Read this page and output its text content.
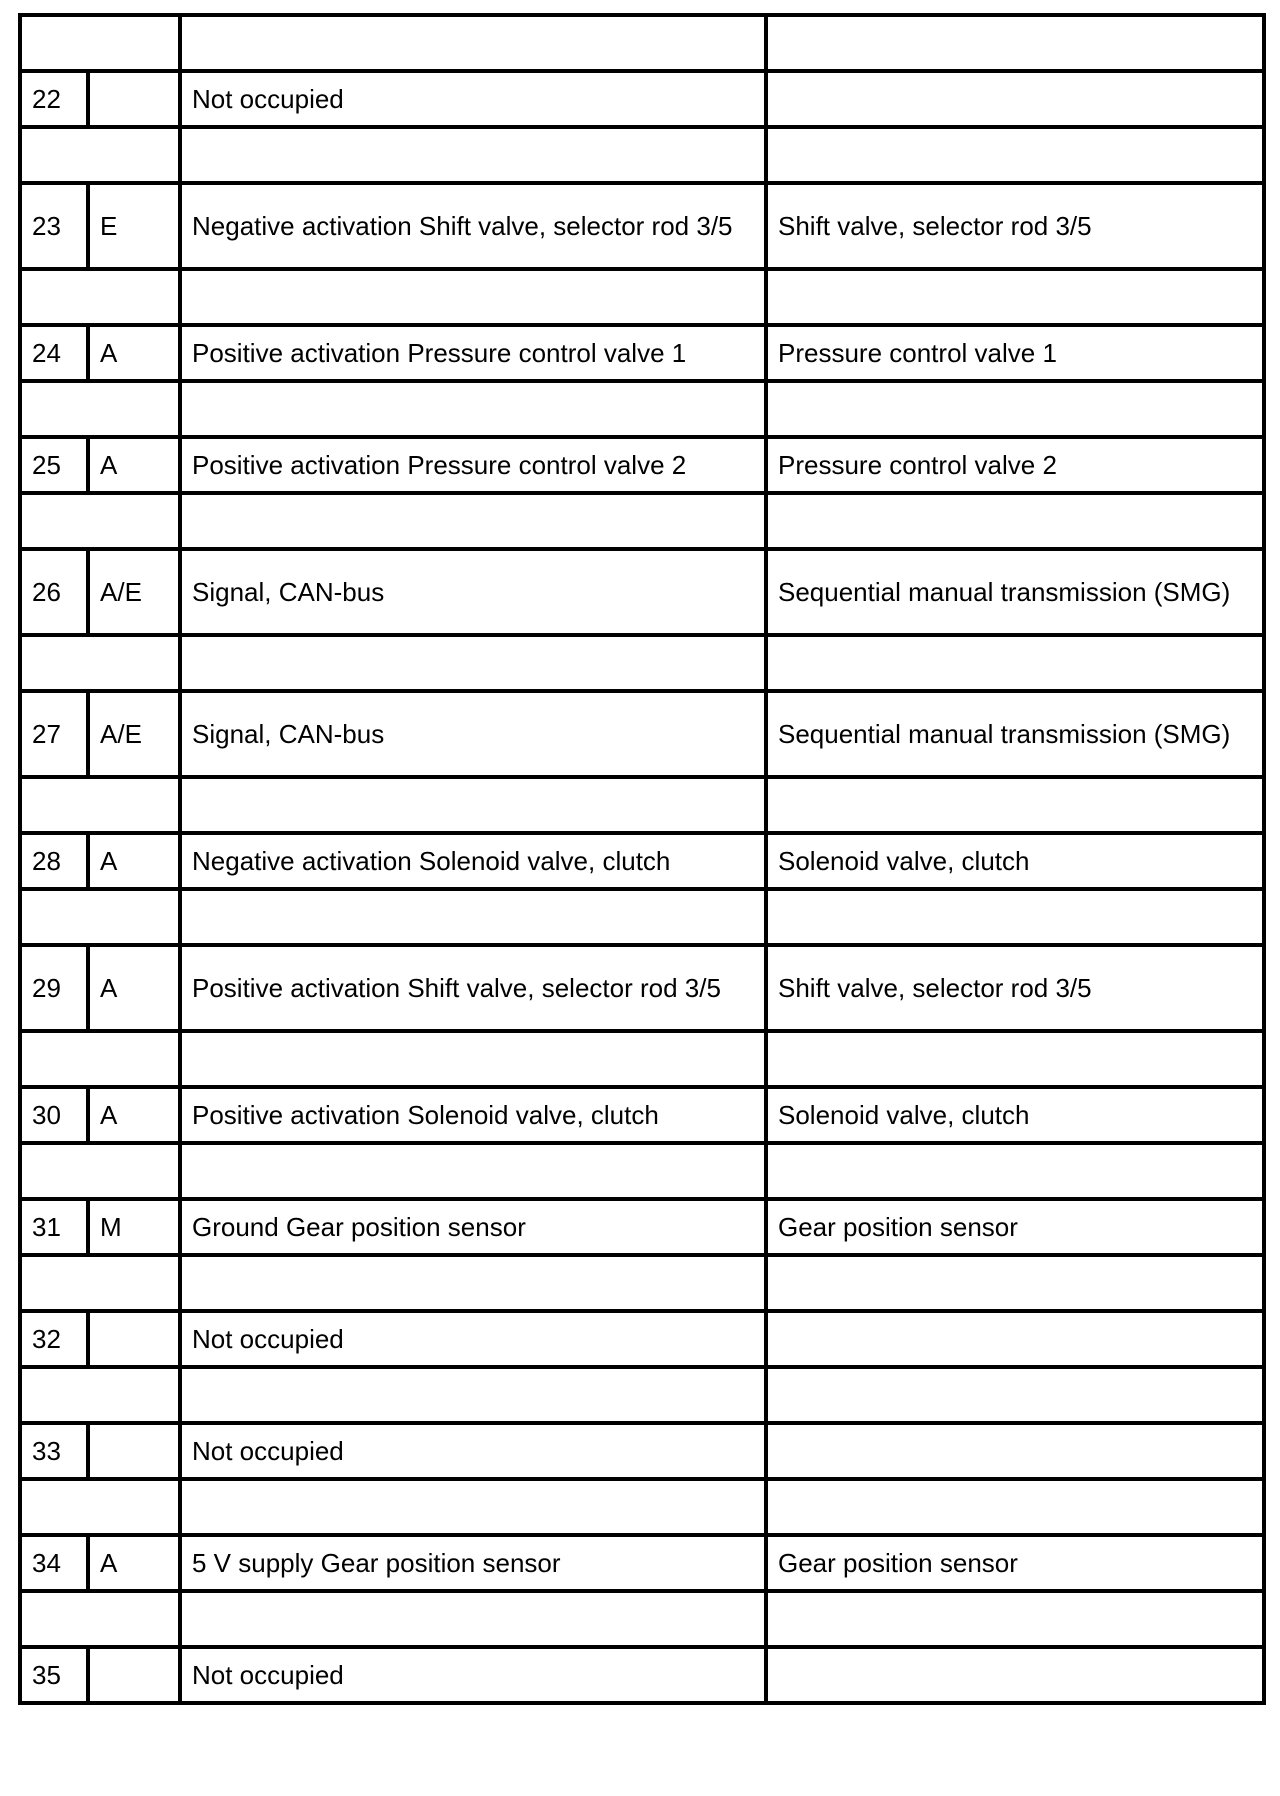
22		Not occupied	

23	E	Negative activation Shift valve, selector rod 3/5	Shift valve, selector rod 3/5

24	A	Positive activation Pressure control valve 1	Pressure control valve 1

25	A	Positive activation Pressure control valve 2	Pressure control valve 2

26	A/E	Signal, CAN-bus	Sequential manual transmission (SMG)

27	A/E	Signal, CAN-bus	Sequential manual transmission (SMG)

28	A	Negative activation Solenoid valve, clutch	Solenoid valve, clutch

29	A	Positive activation Shift valve, selector rod 3/5	Shift valve, selector rod 3/5

30	A	Positive activation Solenoid valve, clutch	Solenoid valve, clutch

31	M	Ground Gear position sensor	Gear position sensor

32		Not occupied	

33		Not occupied	

34	A	5 V supply Gear position sensor	Gear position sensor

35		Not occupied	
